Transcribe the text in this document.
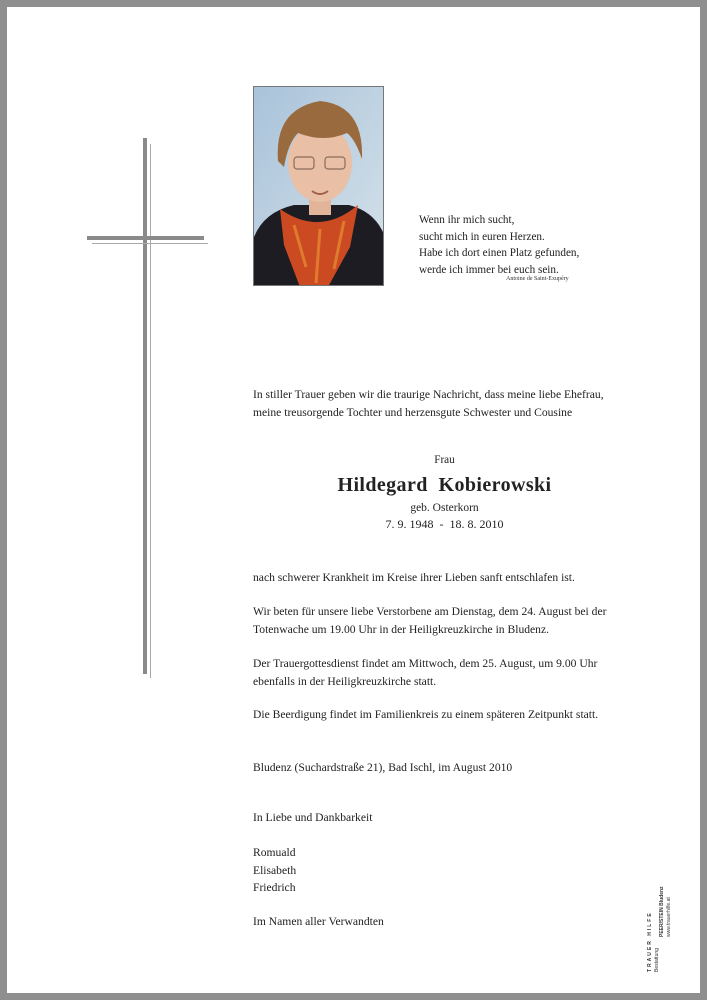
Wenn ihr mich sucht,
sucht mich in euren Herzen.
Habe ich dort einen Platz gefunden,
werde ich immer bei euch sein.
Antoine de Saint-Exupéry
In stiller Trauer geben wir die traurige Nachricht, dass meine liebe Ehefrau,
meine treusorgende Tochter und herzensgute Schwester und Cousine
Frau
Hildegard  Kobierowski
geb. Osterkorn
7. 9. 1948  -  18. 8. 2010
nach schwerer Krankheit im Kreise ihrer Lieben sanft entschlafen ist.
Wir beten für unsere liebe Verstorbene am Dienstag, dem 24. August bei der
Totenwache um 19.00 Uhr in der Heiligkreuzkirche in Bludenz.
Der Trauergottesdienst findet am Mittwoch, dem 25. August, um 9.00 Uhr
ebenfalls in der Heiligkreuzkirche statt.
Die Beerdigung findet im Familienkreis zu einem späteren Zeitpunkt statt.
Bludenz (Suchardstraße 21), Bad Ischl, im August 2010
In Liebe und Dankbarkeit
Romuald
Elisabeth
Friedrich
Im Namen aller Verwandten	TRAUER HILFE Bestattung
PEER/STEIN Bludenz www.trauerhilfe.at
